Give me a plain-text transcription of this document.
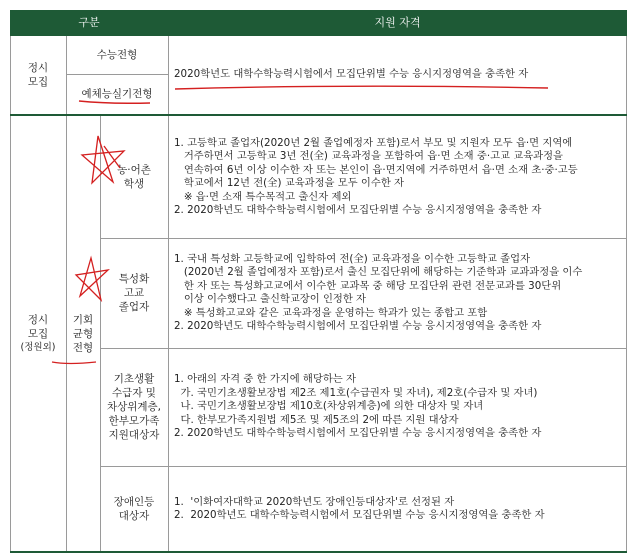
구분	지원 자격
정시
모집
수능전형
예체능실기전형
2020학년도 대학수학능력시험에서 모집단위별 수능 응시지정영역을 충족한 자
정시
모집
(정원외)
기회
균형
전형
농·어촌
학생
1. 고등학교 졸업자(2020년 2월 졸업예정자 포함)로서 부모 및 지원자 모두 읍·면 지역에
거주하면서 고등학교 3년 전(全) 교육과정을 포함하여 읍·면 소재 중·고교 교육과정을
연속하여 6년 이상 이수한 자 또는 본인이 읍·면지역에 거주하면서 읍·면 소재 초·중·고등
학교에서 12년 전(全) 교육과정을 모두 이수한 자
※ 읍·면 소재 특수목적고 출신자 제외
2. 2020학년도 대학수학능력시험에서 모집단위별 수능 응시지정영역을 충족한 자
특성화
고교
졸업자
1. 국내 특성화 고등학교에 입학하여 전(全) 교육과정을 이수한 고등학교 졸업자
(2020년 2월 졸업예정자 포함)로서 출신 모집단위에 해당하는 기준학과 교과과정을 이수
한 자 또는 특성화고교에서 이수한 교과목 중 해당 모집단위 관련 전문교과를 30단위
이상 이수했다고 출신학교장이 인정한 자
※ 특성화고교와 같은 교육과정을 운영하는 학과가 있는 종합고 포함
2. 2020학년도 대학수학능력시험에서 모집단위별 수능 응시지정영역을 충족한 자
기초생활
수급자 및
차상위계층,
한부모가족
지원대상자
1. 아래의 자격 중 한 가지에 해당하는 자
가. 국민기초생활보장법 제2조 제1호(수급권자 및 자녀), 제2호(수급자 및 자녀)
나. 국민기초생활보장법 제10호(차상위계층)에 의한 대상자 및 자녀
다. 한부모가족지원법 제5조 및 제5조의 2에 따른 지원 대상자
2. 2020학년도 대학수학능력시험에서 모집단위별 수능 응시지정영역을 충족한 자
장애인등
대상자
1.  '이화여자대학교 2020학년도 장애인등대상자'로 선정된 자
2.  2020학년도 대학수학능력시험에서 모집단위별 수능 응시지정영역을 충족한 자
